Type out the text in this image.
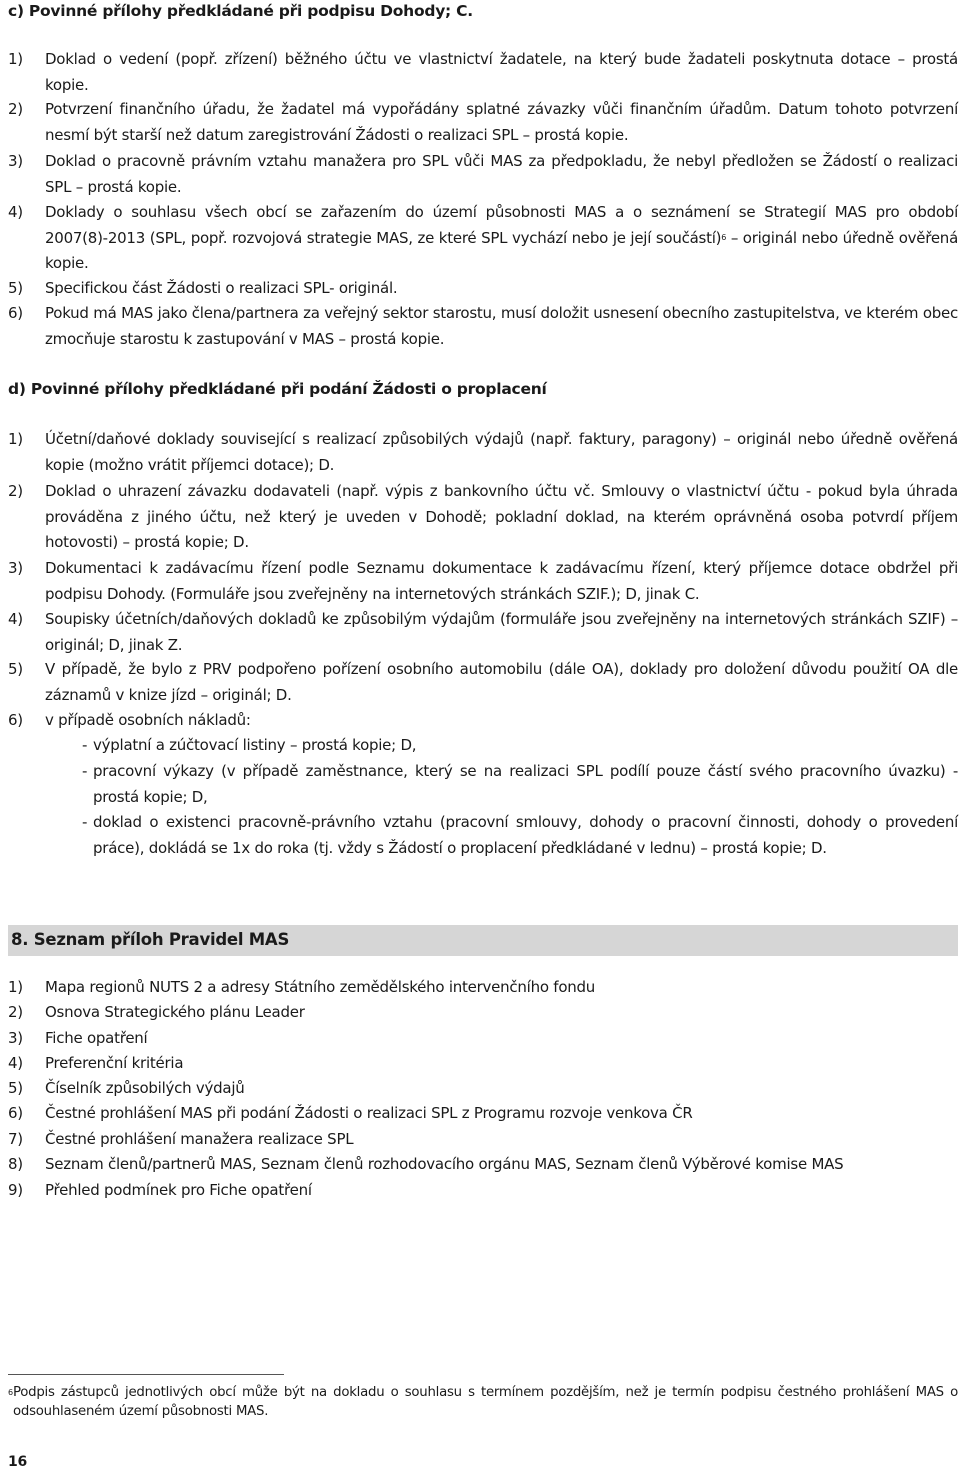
c) Povinné přílohy předkládané při podpisu Dohody; C.
1) Doklad o vedení (popř. zřízení) běžného účtu ve vlastnictví žadatele, na který bude žadateli poskytnuta dotace – prostá kopie.
2) Potvrzení finančního úřadu, že žadatel má vypořádány splatné závazky vůči finančním úřadům. Datum tohoto potvrzení nesmí být starší než datum zaregistrování Žádosti o realizaci SPL – prostá kopie.
3) Doklad o pracovně právním vztahu manažera pro SPL vůči MAS za předpokladu, že nebyl předložen se Žádostí o realizaci SPL – prostá kopie.
4) Doklady o souhlasu všech obcí se zařazením do území působnosti MAS a o seznámení se Strategií MAS pro období 2007(8)-2013 (SPL, popř. rozvojová strategie MAS, ze které SPL vychází nebo je její součástí)$^6$ – originál nebo úředně ověřená kopie.
5) Specifickou část Žádosti o realizaci SPL- originál.
6) Pokud má MAS jako člena/partnera za veřejný sektor starostu, musí doložit usnesení obecního zastupitelstva, ve kterém obec zmocňuje starostu k zastupování v MAS – prostá kopie.
d) Povinné přílohy předkládané při podání Žádosti o proplacení
1) Účetní/daňové doklady související s realizací způsobilých výdajů (např. faktury, paragony) – originál nebo úředně ověřená kopie (možno vrátit příjemci dotace); D.
2) Doklad o uhrazení závazku dodavateli (např. výpis z bankovního účtu vč. Smlouvy o vlastnictví účtu - pokud byla úhrada prováděna z jiného účtu, než který je uveden v Dohodě; pokladní doklad, na kterém oprávněná osoba potvrdí příjem hotovosti) – prostá kopie; D.
3) Dokumentaci k zadávacímu řízení podle Seznamu dokumentace k zadávacímu řízení, který příjemce dotace obdržel při podpisu Dohody. (Formuláře jsou zveřejněny na internetových stránkách SZIF.); D, jinak C.
4) Soupisky účetních/daňových dokladů ke způsobilým výdajům (formuláře jsou zveřejněny na internetových stránkách SZIF) – originál; D, jinak Z.
5) V případě, že bylo z PRV podpořeno pořízení osobního automobilu (dále OA), doklady pro doložení důvodu použití OA dle záznamů v knize jízd – originál; D.
6) v případě osobních nákladů:
- výplatní a zúčtovací listiny – prostá kopie; D,
- pracovní výkazy (v případě zaměstnance, který se na realizaci SPL podílí pouze částí svého pracovního úvazku) - prostá kopie; D,
- doklad o existenci pracovně-právního vztahu (pracovní smlouvy, dohody o pracovní činnosti, dohody o provedení práce), dokládá se 1x do roka (tj. vždy s Žádostí o proplacení předkládané v lednu) – prostá kopie; D.
8. Seznam příloh Pravidel MAS
1) Mapa regionů NUTS 2 a adresy Státního zemědělského intervenčního fondu
2) Osnova Strategického plánu Leader
3) Fiche opatření
4) Preferenční kritéria
5) Číselník způsobilých výdajů
6) Čestné prohlášení MAS při podání Žádosti o realizaci SPL z Programu rozvoje venkova ČR
7) Čestné prohlášení manažera realizace SPL
8) Seznam členů/partnerů MAS, Seznam členů rozhodovacího orgánu MAS, Seznam členů Výběrové komise MAS
9) Přehled podmínek pro Fiche opatření
6 Podpis zástupců jednotlivých obcí může být na dokladu o souhlasu s termínem pozdějším, než je termín podpisu čestného prohlášení MAS o odsouhlaseném území působnosti MAS.
16
